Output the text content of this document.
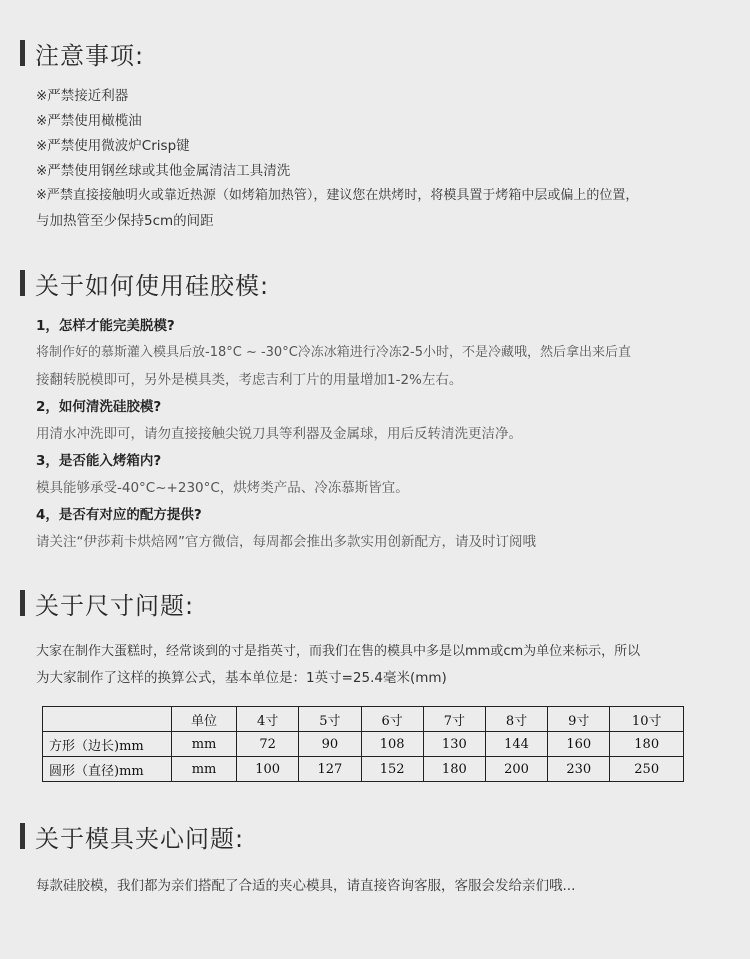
注意事项:
※严禁接近利器
※严禁使用橄榄油
※严禁使用微波炉Crisp键
※严禁使用钢丝球或其他金属清洁工具清洗
※严禁直接接触明火或靠近热源（如烤箱加热管），建议您在烘烤时，将模具置于烤箱中层或偏上的位置，
与加热管至少保持5cm的间距
关于如何使用硅胶模:
1，怎样才能完美脱模?
将制作好的慕斯灌入模具后放-18°C ~ -30°C冷冻冰箱进行冷冻2-5小时，不是冷藏哦，然后拿出来后直
接翻转脱模即可，另外是模具类，考虑吉利丁片的用量增加1-2%左右。
2，如何清洗硅胶模?
用清水冲洗即可，请勿直接接触尖锐刀具等利器及金属球，用后反转清洗更洁净。
3，是否能入烤箱内?
模具能够承受-40°C~+230°C，烘烤类产品、冷冻慕斯皆宜。
4，是否有对应的配方提供?
请关注“伊莎莉卡烘焙网”官方微信，每周都会推出多款实用创新配方，请及时订阅哦
关于尺寸问题:
大家在制作大蛋糕时，经常谈到的寸是指英寸，而我们在售的模具中多是以mm或cm为单位来标示，所以
为大家制作了这样的换算公式，基本单位是：1英寸=25.4毫米(mm)
	单位	4寸	5寸	6寸	7寸	8寸	9寸	10寸
方形（边长)mm	mm	72	90	108	130	144	160	180
圆形（直径)mm	mm	100	127	152	180	200	230	250
关于模具夹心问题:
每款硅胶模，我们都为亲们搭配了合适的夹心模具，请直接咨询客服，客服会发给亲们哦...
